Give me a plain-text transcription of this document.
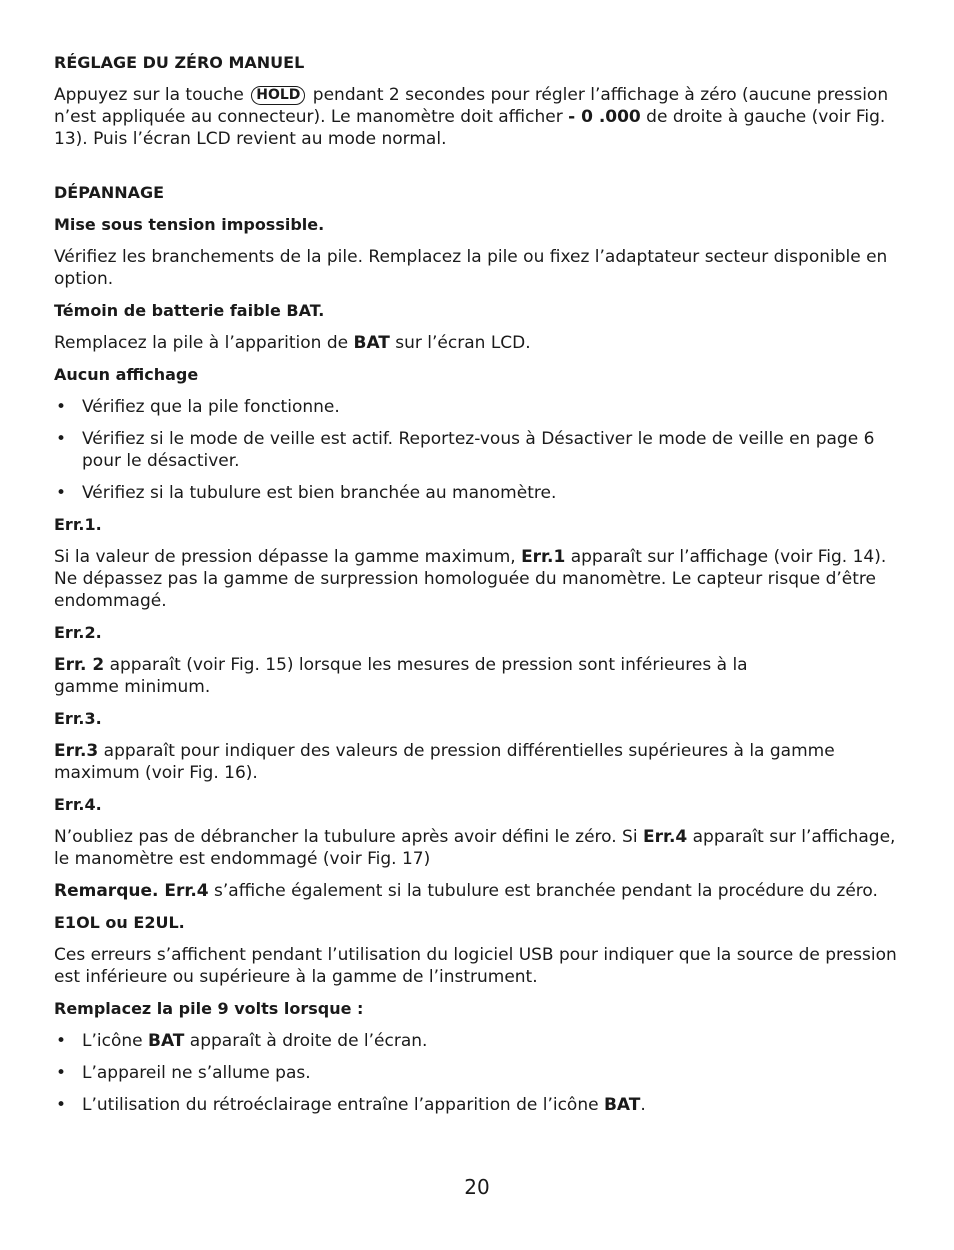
RÉGLAGE DU ZÉRO MANUEL

Appuyez sur la touche HOLD pendant 2 secondes pour régler l’affichage à zéro (aucune pression n’est appliquée au connecteur). Le manomètre doit afficher - 0 .000 de droite à gauche (voir Fig. 13). Puis l’écran LCD revient au mode normal.

DÉPANNAGE

Mise sous tension impossible.

Vérifiez les branchements de la pile. Remplacez la pile ou fixez l’adaptateur secteur disponible en option.

Témoin de batterie faible BAT.

Remplacez la pile à l’apparition de BAT sur l’écran LCD.

Aucun affichage

• Vérifiez que la pile fonctionne.
• Vérifiez si le mode de veille est actif. Reportez-vous à Désactiver le mode de veille en page 6 pour le désactiver.
• Vérifiez si la tubulure est bien branchée au manomètre.

Err.1.

Si la valeur de pression dépasse la gamme maximum, Err.1 apparaît sur l’affichage (voir Fig. 14). Ne dépassez pas la gamme de surpression homologuée du manomètre. Le capteur risque d’être endommagé.

Err.2.

Err. 2 apparaît (voir Fig. 15) lorsque les mesures de pression sont inférieures à la
gamme minimum.

Err.3.

Err.3 apparaît pour indiquer des valeurs de pression différentielles supérieures à la gamme maximum (voir Fig. 16).

Err.4.

N’oubliez pas de débrancher la tubulure après avoir défini le zéro. Si Err.4 apparaît sur l’affichage, le manomètre est endommagé (voir Fig. 17)

Remarque. Err.4 s’affiche également si la tubulure est branchée pendant la procédure du zéro.

E1OL ou E2UL.

Ces erreurs s’affichent pendant l’utilisation du logiciel USB pour indiquer que la source de pression est inférieure ou supérieure à la gamme de l’instrument.

Remplacez la pile 9 volts lorsque :

• L’icône BAT apparaît à droite de l’écran.
• L’appareil ne s’allume pas.
• L’utilisation du rétroéclairage entraîne l’apparition de l’icône BAT.
20
